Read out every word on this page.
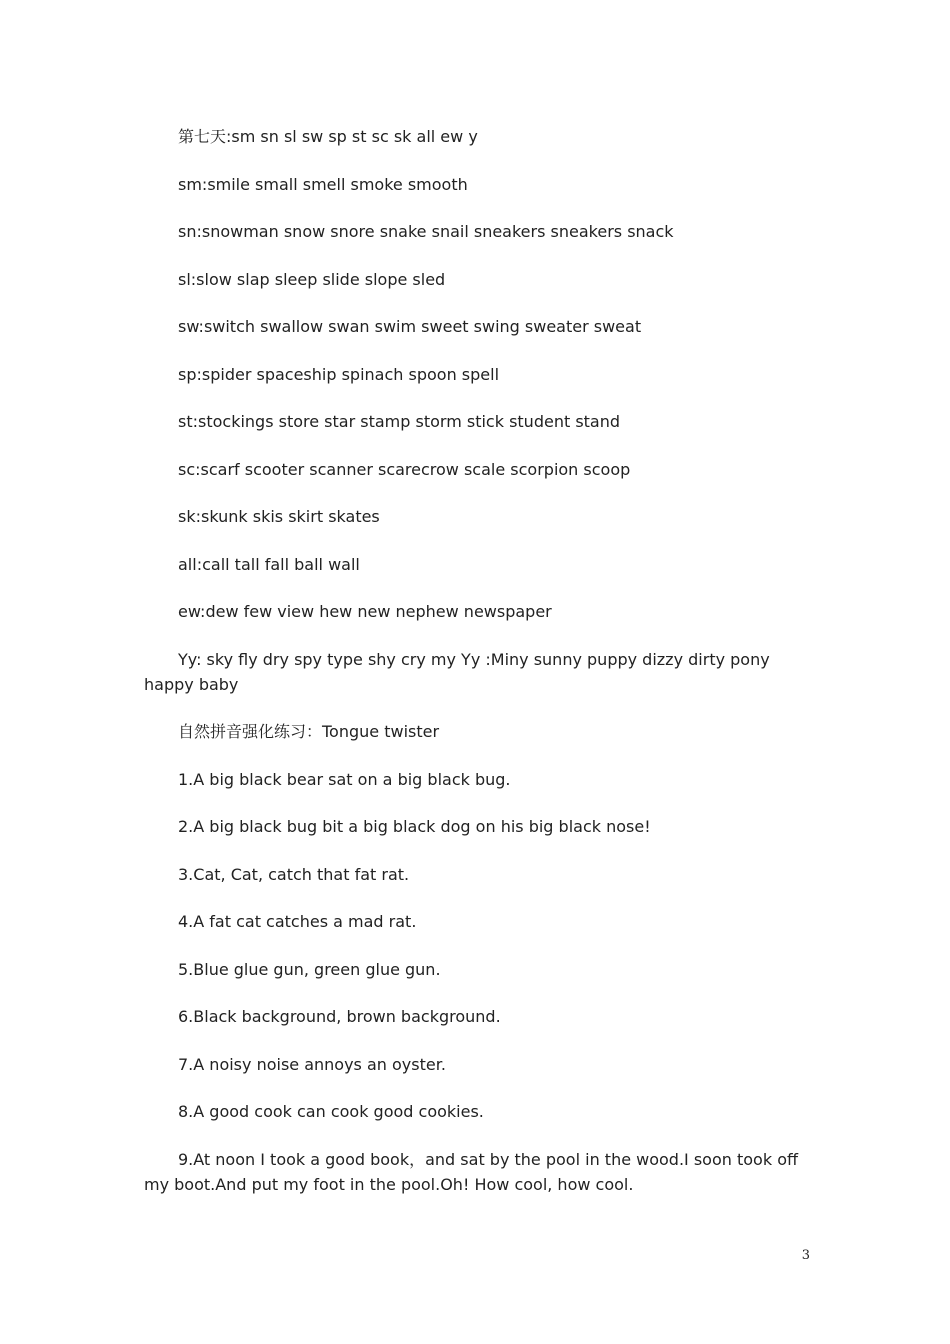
第七天:sm sn sl sw sp st sc sk all ew y

sm:smile small smell smoke smooth

sn:snowman snow snore snake snail sneakers sneakers snack

sl:slow slap sleep slide slope sled

sw:switch swallow swan swim sweet swing sweater sweat

sp:spider spaceship spinach spoon spell

st:stockings store star stamp storm stick student stand

sc:scarf scooter scanner scarecrow scale scorpion scoop

sk:skunk skis skirt skates

all:call tall fall ball wall

ew:dew few view hew new nephew newspaper

Yy: sky fly dry spy type shy cry my Yy :Miny sunny puppy dizzy dirty pony happy baby

自然拼音强化练习：Tongue twister

1.A big black bear sat on a big black bug.

2.A big black bug bit a big black dog on his big black nose!

3.Cat, Cat, catch that fat rat.

4.A fat cat catches a mad rat.

5.Blue glue gun, green glue gun.

6.Black background, brown background.

7.A noisy noise annoys an oyster.

8.A good cook can cook good cookies.

9.At noon I took a good book，and sat by the pool in the wood.I soon took off my boot.And put my foot in the pool.Oh! How cool, how cool.

3
